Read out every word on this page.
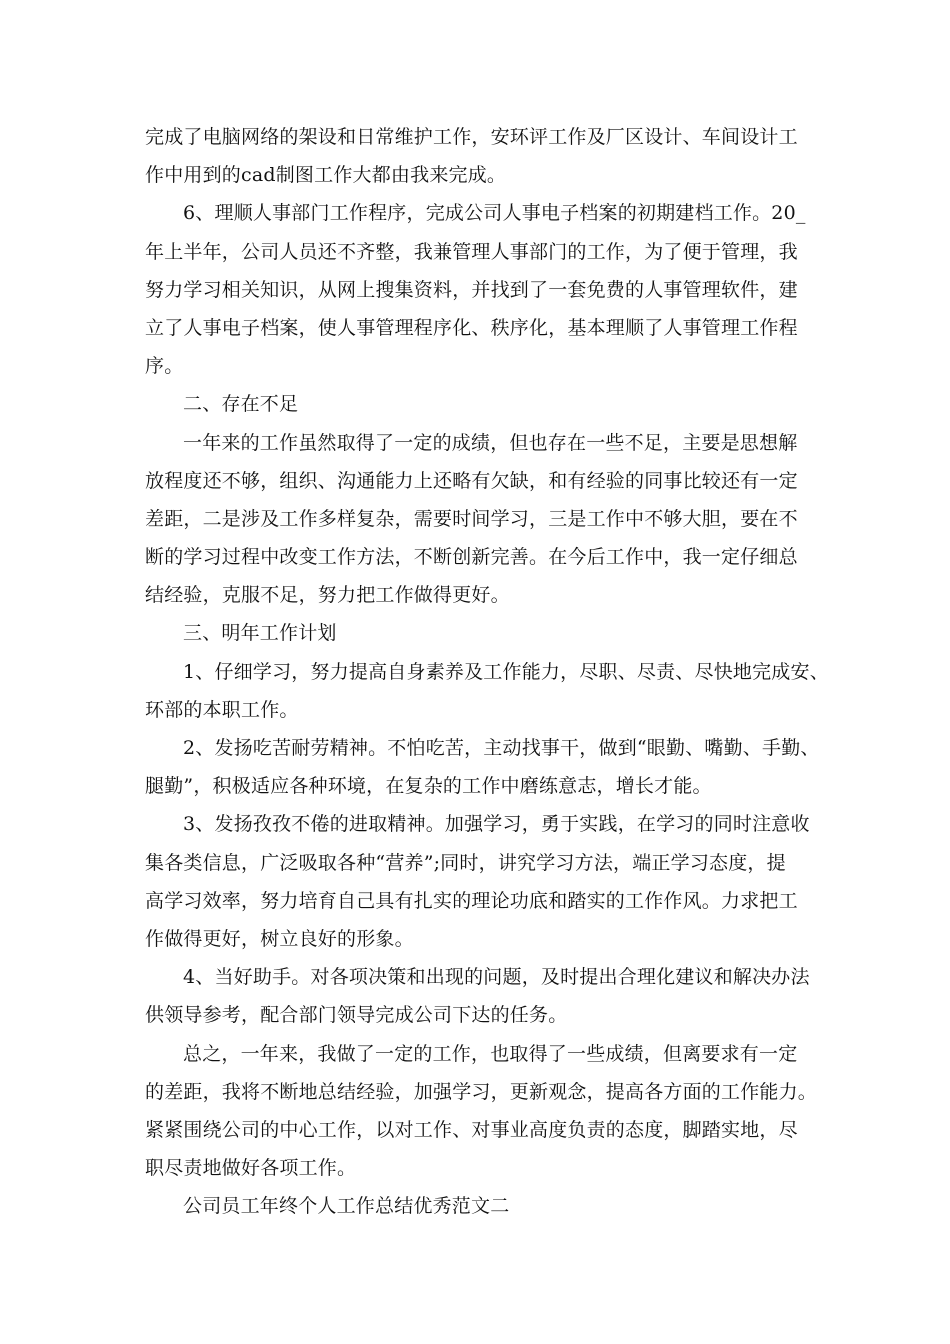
完成了电脑网络的架设和日常维护工作，安环评工作及厂区设计、车间设计工
作中用到的cad制图工作大都由我来完成。
6、理顺人事部门工作程序，完成公司人事电子档案的初期建档工作。20_
年上半年，公司人员还不齐整，我兼管理人事部门的工作，为了便于管理，我
努力学习相关知识，从网上搜集资料，并找到了一套免费的人事管理软件，建
立了人事电子档案，使人事管理程序化、秩序化，基本理顺了人事管理工作程
序。
二、存在不足
一年来的工作虽然取得了一定的成绩，但也存在一些不足，主要是思想解
放程度还不够，组织、沟通能力上还略有欠缺，和有经验的同事比较还有一定
差距，二是涉及工作多样复杂，需要时间学习，三是工作中不够大胆，要在不
断的学习过程中改变工作方法，不断创新完善。在今后工作中，我一定仔细总
结经验，克服不足，努力把工作做得更好。
三、明年工作计划
1、仔细学习，努力提高自身素养及工作能力，尽职、尽责、尽快地完成安、
环部的本职工作。
2、发扬吃苦耐劳精神。不怕吃苦，主动找事干，做到“眼勤、嘴勤、手勤、
腿勤”，积极适应各种环境，在复杂的工作中磨练意志，增长才能。
3、发扬孜孜不倦的进取精神。加强学习，勇于实践，在学习的同时注意收
集各类信息，广泛吸取各种“营养”;同时，讲究学习方法，端正学习态度，提
高学习效率，努力培育自己具有扎实的理论功底和踏实的工作作风。力求把工
作做得更好，树立良好的形象。
4、当好助手。对各项决策和出现的问题，及时提出合理化建议和解决办法
供领导参考，配合部门领导完成公司下达的任务。
总之，一年来，我做了一定的工作，也取得了一些成绩，但离要求有一定
的差距，我将不断地总结经验，加强学习，更新观念，提高各方面的工作能力。
紧紧围绕公司的中心工作，以对工作、对事业高度负责的态度，脚踏实地，尽
职尽责地做好各项工作。
公司员工年终个人工作总结优秀范文二
